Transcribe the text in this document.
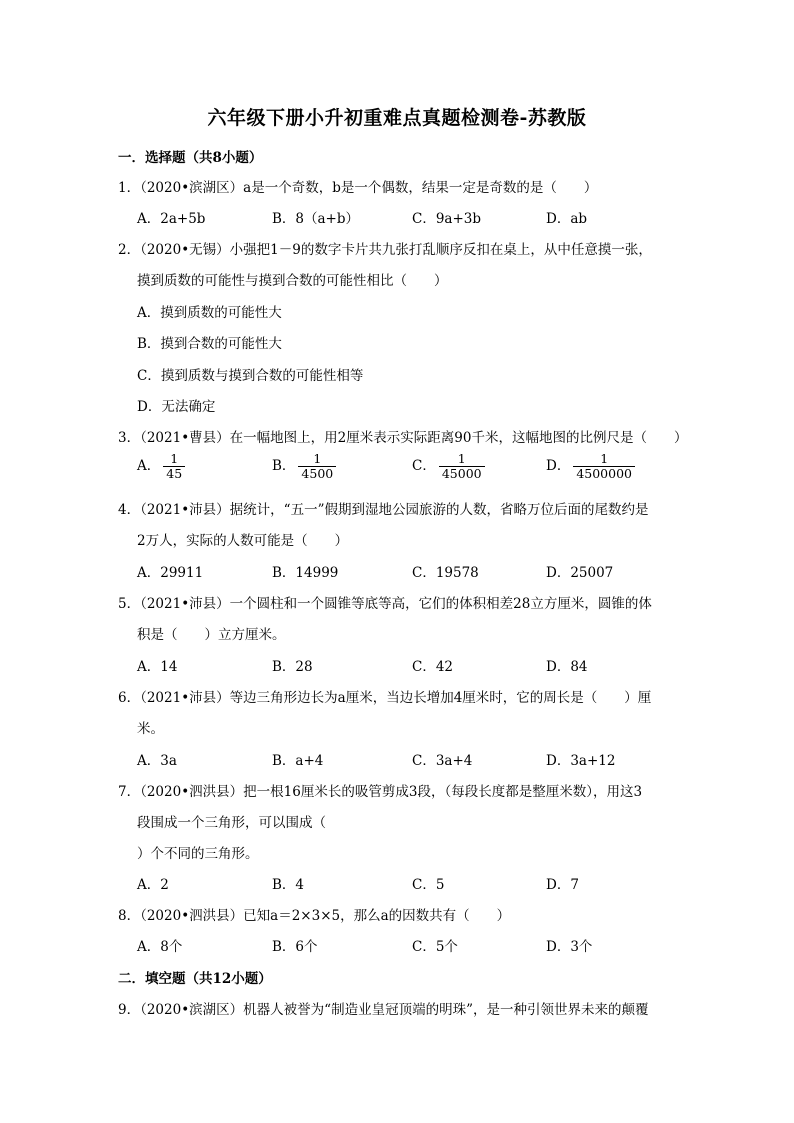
六年级下册小升初重难点真题检测卷-苏教版
一．选择题（共8小题）
1．（2020•滨湖区）a是一个奇数，b是一个偶数，结果一定是奇数的是（　　）
A．2a+5b	B．8（a+b）	C．9a+3b	D．ab
2．（2020•无锡）小强把1－9的数字卡片共九张打乱顺序反扣在桌上，从中任意摸一张，
摸到质数的可能性与摸到合数的可能性相比（　　）
A．摸到质数的可能性大
B．摸到合数的可能性大
C．摸到质数与摸到合数的可能性相等
D．无法确定
3．（2021•曹县）在一幅地图上，用2厘米表示实际距离90千米，这幅地图的比例尺是（　　）
A． $\frac{1}{45}$	B． $\frac{1}{4500}$	C． $\frac{1}{45000}$	D． $\frac{1}{4500000}$
4．（2021•沛县）据统计，“五一”假期到湿地公园旅游的人数，省略万位后面的尾数约是
2万人，实际的人数可能是（　　）
A．29911	B．14999	C．19578	D．25007
5．（2021•沛县）一个圆柱和一个圆锥等底等高，它们的体积相差28立方厘米，圆锥的体
积是（　　）立方厘米。
A．14	B．28	C．42	D．84
6．（2021•沛县）等边三角形边长为a厘米，当边长增加4厘米时，它的周长是（　　）厘
米。
A．3a	B．a+4	C．3a+4	D．3a+12
7．（2020•泗洪县）把一根16厘米长的吸管剪成3段，（每段长度都是整厘米数），用这3
段围成一个三角形，可以围成（
）个不同的三角形。
A．2	B．4	C．5	D．7
8．（2020•泗洪县）已知a＝2×3×5，那么a的因数共有（　　）
A．8个	B．6个	C．5个	D．3个
二．填空题（共12小题）
9．（2020•滨湖区）机器人被誉为“制造业皇冠顶端的明珠”，是一种引领世界未来的颠覆
